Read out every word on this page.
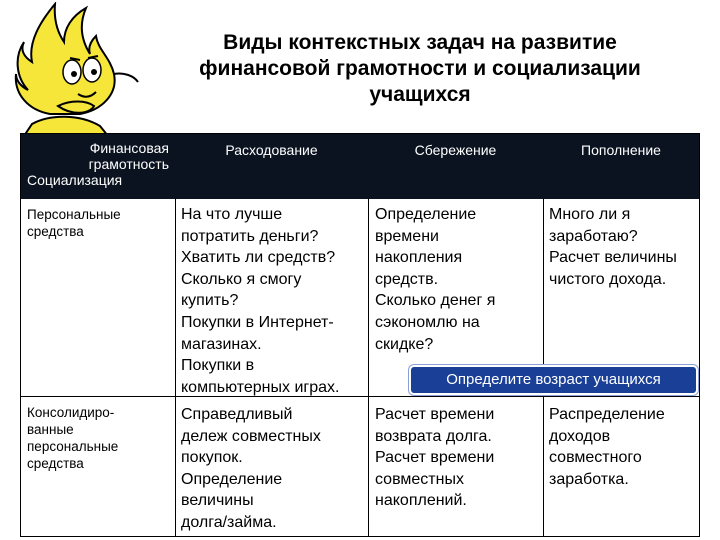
Виды контекстных задач на развитие
финансовой грамотности и социализации
учащихся
Финансовая
грамотность
Социализация
Расходование	Сбережение	Пополнение
Персональные
средства
На что лучше
потратить деньги?
Хватить ли средств?
Сколько я смогу
купить?
Покупки в Интернет-
магазинах.
Покупки в
компьютерных играх.
Определение
времени
накопления
средств.
Сколько денег я
сэкономлю на
скидке?
Много ли я
заработаю?
Расчет величины
чистого дохода.
Консолидиро-
ванные
персональные
средства
Справедливый
дележ совместных
покупок.
Определение
величины
долга/займа.
Расчет времени
возврата долга.
Расчет времени
совместных
накоплений.
Распределение
доходов
совместного
заработка.
Определите возраст учащихся
